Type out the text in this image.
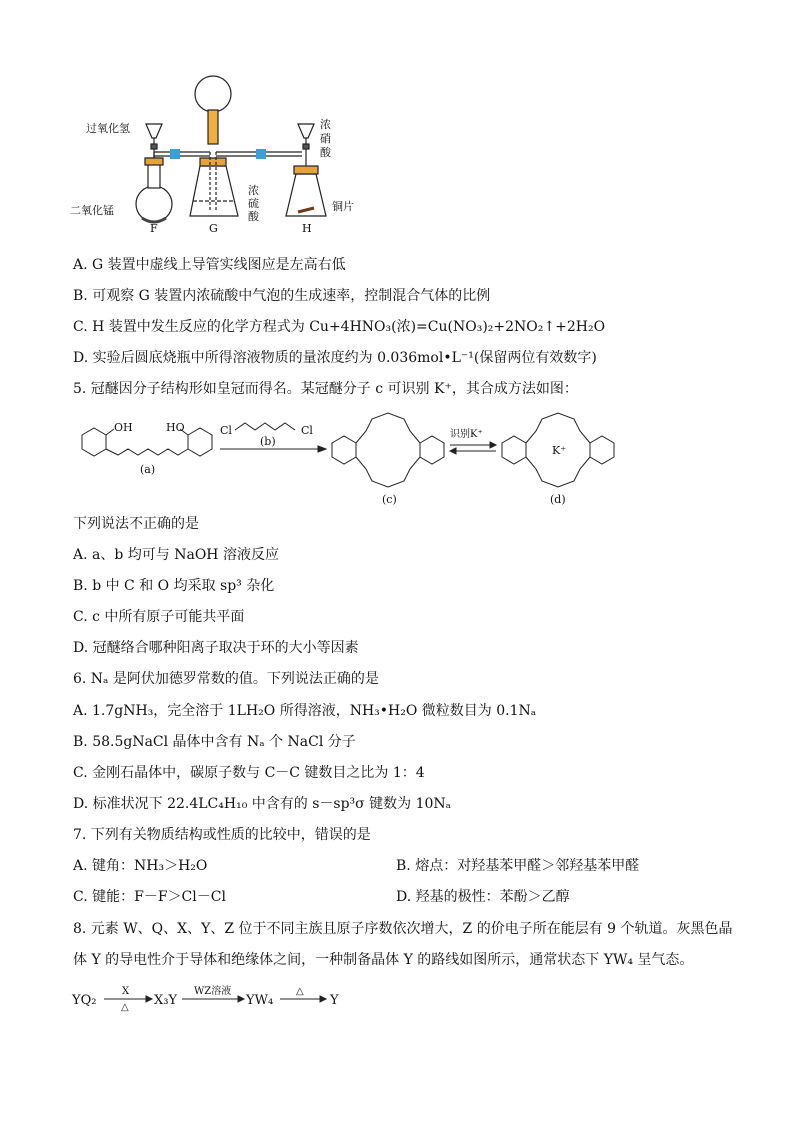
过氧化氢
二氧化锰
浓
硝
酸
浓
硫
酸
铜片
F	G	H
A. G 装置中虚线上导管实线图应是左高右低
B. 可观察 G 装置内浓硫酸中气泡的生成速率，控制混合气体的比例
C. H 装置中发生反应的化学方程式为 Cu+4HNO₃(浓)=Cu(NO₃)₂+2NO₂↑+2H₂O
D. 实验后圆底烧瓶中所得溶液物质的量浓度约为 0.036mol•L⁻¹(保留两位有效数字)
5. 冠醚因分子结构形如皇冠而得名。某冠醚分子 c 可识别 K⁺，其合成方法如图：
OH	HO
(a)
Cl	Cl
(b)
(c)
识别K⁺
K⁺
(d)
下列说法不正确的是
A. a、b 均可与 NaOH 溶液反应
B. b 中 C 和 O 均采取 sp³ 杂化
C. c 中所有原子可能共平面
D. 冠醚络合哪种阳离子取决于环的大小等因素
6. Nₐ 是阿伏加德罗常数的值。下列说法正确的是
A. 1.7gNH₃，完全溶于 1LH₂O 所得溶液，NH₃•H₂O 微粒数目为 0.1Nₐ
B. 58.5gNaCl 晶体中含有 Nₐ 个 NaCl 分子
C. 金刚石晶体中，碳原子数与 C－C 键数目之比为 1：4
D. 标准状况下 22.4LC₄H₁₀ 中含有的 s－sp³σ 键数为 10Nₐ
7. 下列有关物质结构或性质的比较中，错误的是
A. 键角：NH₃＞H₂O	B. 熔点：对羟基苯甲醛＞邻羟基苯甲醛
C. 键能：F－F＞Cl－Cl	D. 羟基的极性：苯酚＞乙醇
8. 元素 W、Q、X、Y、Z 位于不同主族且原子序数依次增大，Z 的价电子所在能层有 9 个轨道。灰黑色晶
体 Y 的导电性介于导体和绝缘体之间，一种制备晶体 Y 的路线如图所示，通常状态下 YW₄ 呈气态。
YQ₂
X
△ X₃Y
WZ溶液
YW₄
△
Y
